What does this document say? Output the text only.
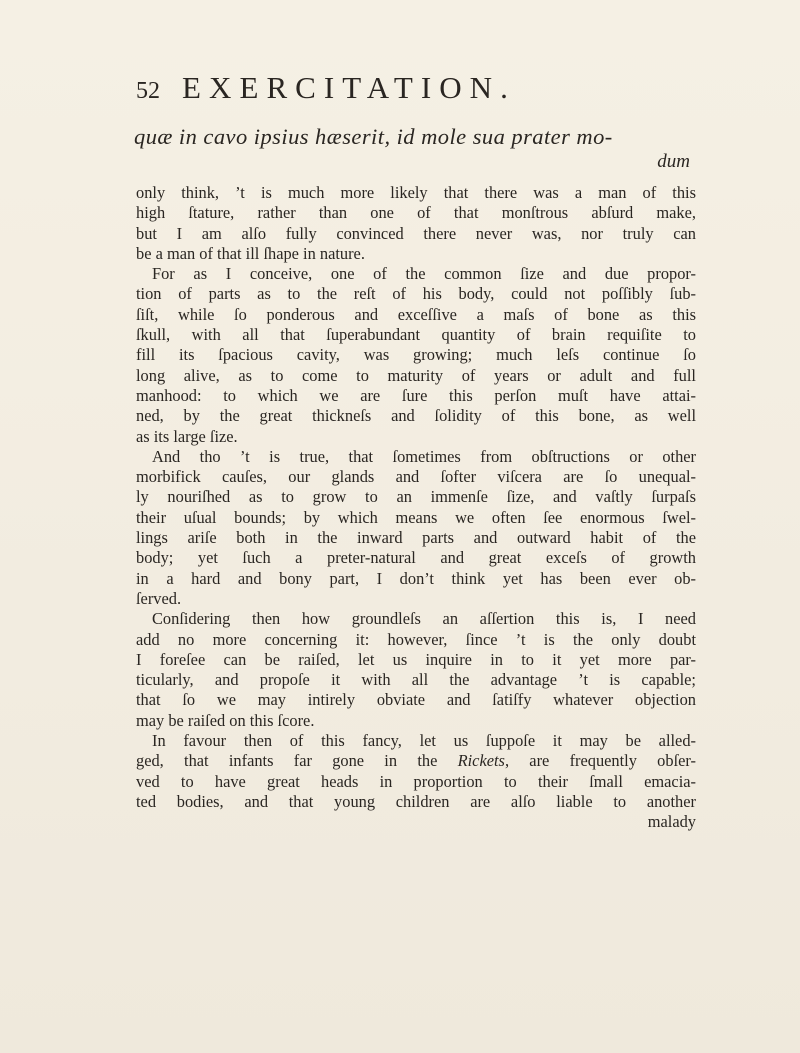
52 EXERCITATION.
quæ in cavo ipsius hæserit, id mole sua prater mo-
dum
only think, ’t is much more likely that there was a man of this
high ſtature, rather than one of that monſtrous abſurd make,
but I am alſo fully convinced there never was, nor truly can
be a man of that ill ſhape in nature.
For as I conceive, one of the common ſize and due propor-
tion of parts as to the reſt of his body, could not poſſibly ſub-
ſiſt, while ſo ponderous and exceſſive a maſs of bone as this
ſkull, with all that ſuperabundant quantity of brain requiſite to
fill its ſpacious cavity, was growing; much leſs continue ſo
long alive, as to come to maturity of years or adult and full
manhood: to which we are ſure this perſon muſt have attai-
ned, by the great thickneſs and ſolidity of this bone, as well
as its large ſize.
And tho ’t is true, that ſometimes from obſtructions or other
morbifick cauſes, our glands and ſofter viſcera are ſo unequal-
ly nouriſhed as to grow to an immenſe ſize, and vaſtly ſurpaſs
their uſual bounds; by which means we often ſee enormous ſwel-
lings ariſe both in the inward parts and outward habit of the
body; yet ſuch a preter-natural and great exceſs of growth
in a hard and bony part, I don’t think yet has been ever ob-
ſerved.
Conſidering then how groundleſs an aſſertion this is, I need
add no more concerning it: however, ſince ’t is the only doubt
I foreſee can be raiſed, let us inquire in to it yet more par-
ticularly, and propoſe it with all the advantage ’t is capable;
that ſo we may intirely obviate and ſatiſfy whatever objection
may be raiſed on this ſcore.
In favour then of this fancy, let us ſuppoſe it may be alled-
ged, that infants far gone in the Rickets, are frequently obſer-
ved to have great heads in proportion to their ſmall emacia-
ted bodies, and that young children are alſo liable to another
malady
